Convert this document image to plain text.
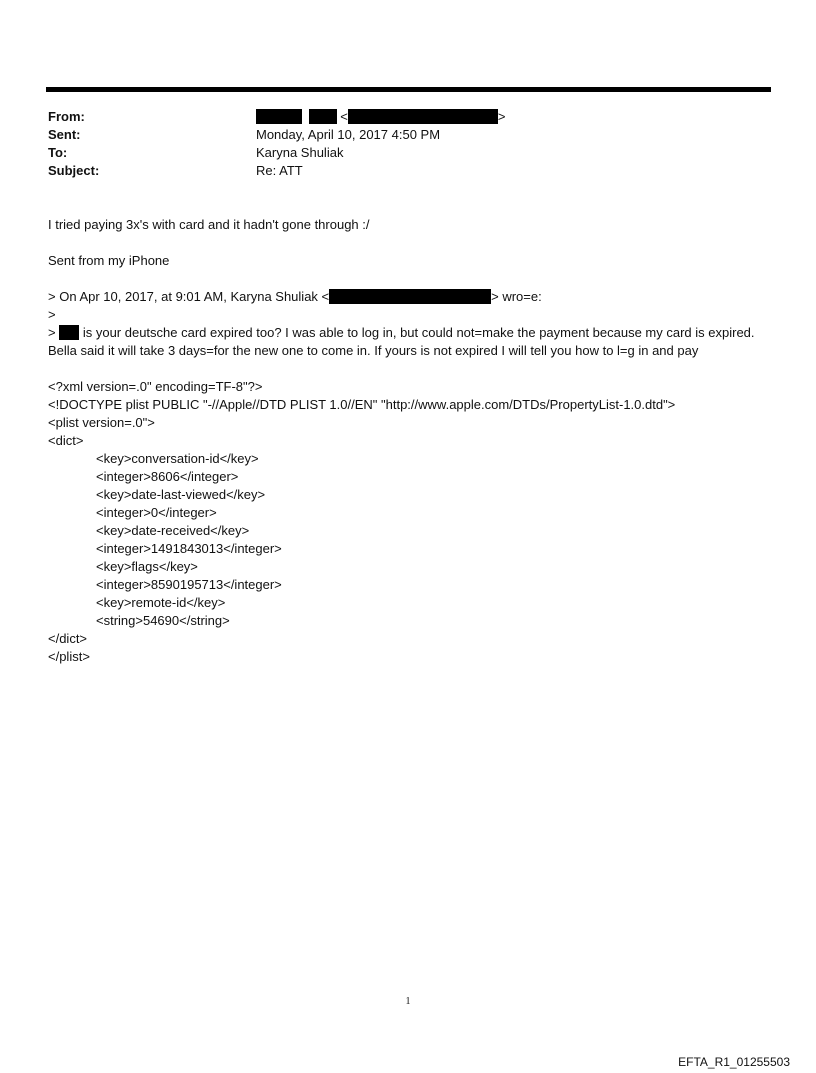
From:	<	>
Sent:	Monday, April 10, 2017 4:50 PM
To:	Karyna Shuliak
Subject:	Re: ATT
I tried paying 3x's with card and it hadn't gone through :/
Sent from my iPhone
> On Apr 10, 2017, at 9:01 AM, Karyna Shuliak <	> wro=e:
>
> is your deutsche card expired too? I was able to log in, but could not=make the payment because my card is expired. Bella said it will take 3 days=for the new one to come in. If yours is not expired I will tell you how to l=g in and pay
<?xml version=.0" encoding=TF-8"?>
<!DOCTYPE plist PUBLIC "-//Apple//DTD PLIST 1.0//EN" "http://www.apple.com/DTDs/PropertyList-1.0.dtd">
<plist version=.0">
<dict>
<key>conversation-id</key>
<integer>8606</integer>
<key>date-last-viewed</key>
<integer>0</integer>
<key>date-received</key>
<integer>1491843013</integer>
<key>flags</key>
<integer>8590195713</integer>
<key>remote-id</key>
<string>54690</string>
</dict>
</plist>
1
EFTA_R1_01255503
